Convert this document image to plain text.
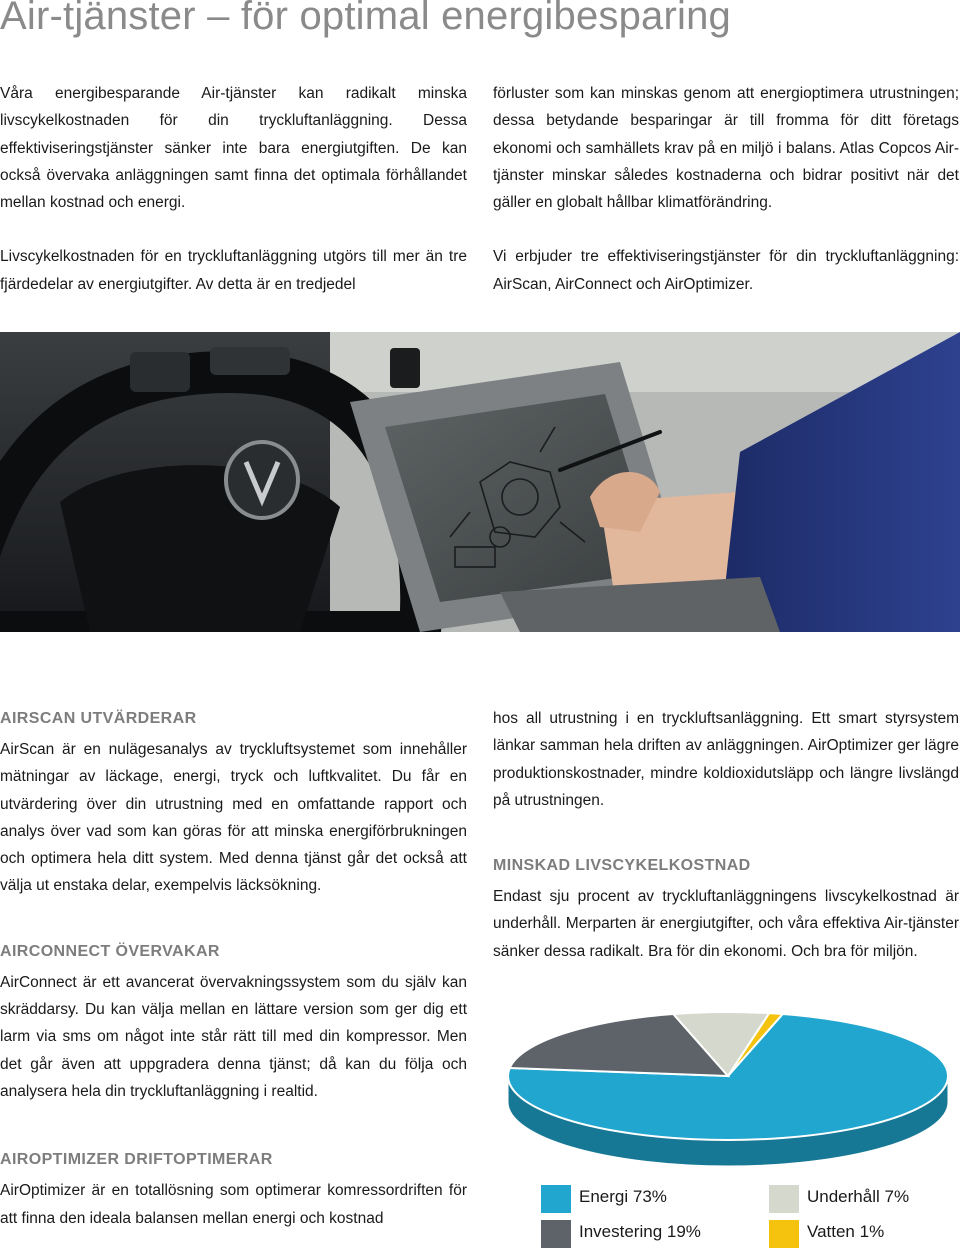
Air-tjänster – för optimal energibesparing

Våra energibesparande Air-tjänster kan radikalt minska livscykelkostnaden för din tryckluftanläggning. Dessa effektiviseringstjänster sänker inte bara energiutgiften. De kan också övervaka anläggningen samt finna det optimala förhållandet mellan kostnad och energi.

Livscykelkostnaden för en tryckluftanläggning utgörs till mer än tre fjärdedelar av energiutgifter. Av detta är en tredjedel

förluster som kan minskas genom att energioptimera utrustningen; dessa betydande besparingar är till fromma för ditt företags ekonomi och samhällets krav på en miljö i balans. Atlas Copcos Air-tjänster minskar således kostnaderna och bidrar positivt när det gäller en globalt hållbar klimatförändring.

Vi erbjuder tre effektiviseringstjänster för din tryckluftanläggning: AirScan, AirConnect och AirOptimizer.

AIRSCAN UTVÄRDERAR

AirScan är en nulägesanalys av tryckluftsystemet som innehåller mätningar av läckage, energi, tryck och luftkvalitet. Du får en utvärdering över din utrustning med en omfattande rapport och analys över vad som kan göras för att minska energiförbrukningen och optimera hela ditt system. Med denna tjänst går det också att välja ut enstaka delar, exempelvis läcksökning.

AIRCONNECT ÖVERVAKAR

AirConnect är ett avancerat övervakningssystem som du själv kan skräddarsy. Du kan välja mellan en lättare version som ger dig ett larm via sms om något inte står rätt till med din kompressor. Men det går även att uppgradera denna tjänst; då kan du följa och analysera hela din tryckluftanläggning i realtid.

AIROPTIMIZER DRIFTOPTIMERAR

AirOptimizer är en totallösning som optimerar komressordriften för att finna den ideala balansen mellan energi och kostnad

hos all utrustning i en tryckluftsanläggning. Ett smart styrsystem länkar samman hela driften av anläggningen. AirOptimizer ger lägre produktionskostnader, mindre koldioxidutsläpp och längre livslängd på utrustningen.

MINSKAD LIVSCYKELKOSTNAD

Endast sju procent av tryckluftanläggningens livscykelkostnad är underhåll. Merparten är energiutgifter, och våra effektiva Air-tjänster sänker dessa radikalt. Bra för din ekonomi. Och bra för miljön.

Energi 73%
Investering 19%
Underhåll 7%
Vatten 1%
